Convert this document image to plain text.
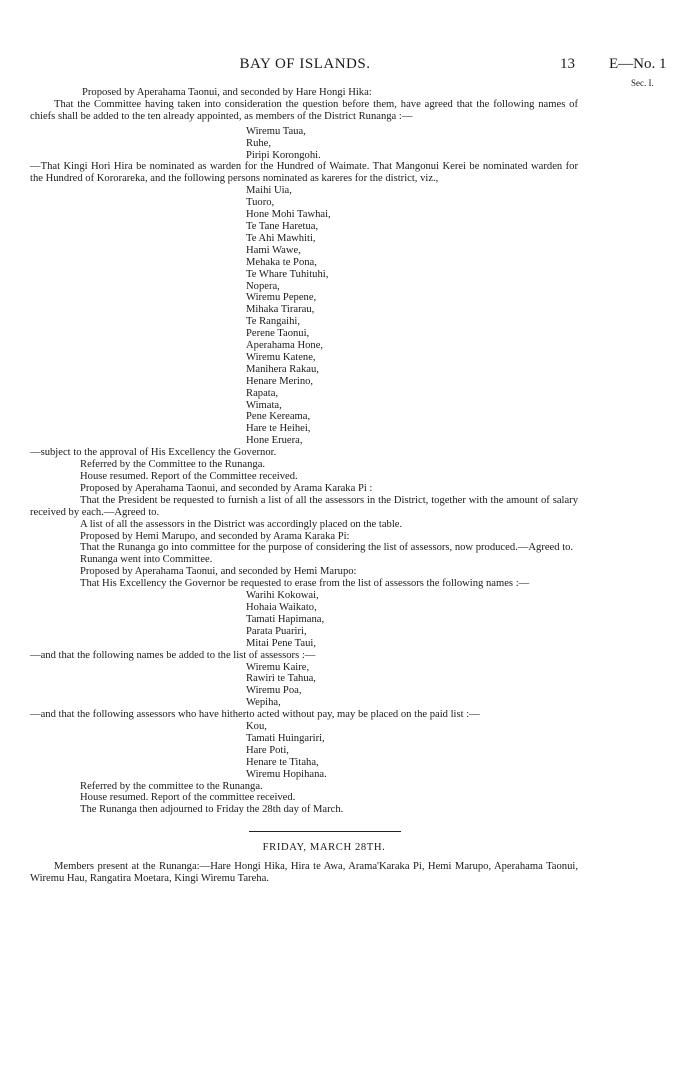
BAY OF ISLANDS.	13 E—No. 1
Sec. I.

Proposed by Aperahama Taonui, and seconded by Hare Hongi Hika:

That the Committee having taken into consideration the question before them, have agreed that the following names of chiefs shall be added to the ten already appointed, as members of the District Runanga :—

Wiremu Taua,
Ruhe,
Piripi Korongohi.

—That Kingi Hori Hira be nominated as warden for the Hundred of Waimate. That Mangonui Kerei be nominated warden for the Hundred of Kororareka, and the following persons nominated as kareres for the district, viz.,

Maihi Uia,
Tuoro,
Hone Mohi Tawhai,
Te Tane Haretua,
Te Ahi Mawhiti,
Hami Wawe,
Mehaka te Pona,
Te Whare Tuhituhi,
Nopera,
Wiremu Pepene,
Mihaka Tirarau,
Te Rangaihi,
Perene Taonui,
Aperahama Hone,
Wiremu Katene,
Manihera Rakau,
Henare Merino,
Rapata,
Wimata,
Pene Kereama,
Hare te Heihei,
Hone Eruera,

—subject to the approval of His Excellency the Governor.

Referred by the Committee to the Runanga.

House resumed. Report of the Committee received.

Proposed by Aperahama Taonui, and seconded by Arama Karaka Pi :

That the President be requested to furnish a list of all the assessors in the District, together with the amount of salary received by each.—Agreed to.

A list of all the assessors in the District was accordingly placed on the table.

Proposed by Hemi Marupo, and seconded by Arama Karaka Pi:

That the Runanga go into committee for the purpose of considering the list of assessors, now produced.—Agreed to.

Runanga went into Committee.

Proposed by Aperahama Taonui, and seconded by Hemi Marupo:

That His Excellency the Governor be requested to erase from the list of assessors the following names :—

Warihi Kokowai,
Hohaia Waikato,
Tamati Hapimana,
Parata Puariri,
Mitai Pene Taui,

—and that the following names be added to the list of assessors :—

Wiremu Kaire,
Rawiri te Tahua,
Wiremu Poa,
Wepiha,

—and that the following assessors who have hitherto acted without pay, may be placed on the paid list :—

Kou,
Tamati Huingariri,
Hare Poti,
Henare te Titaha,
Wiremu Hopihana.

Referred by the committee to the Runanga.

House resumed. Report of the committee received.

The Runanga then adjourned to Friday the 28th day of March.

FRIDAY, MARCH 28TH.

Members present at the Runanga:—Hare Hongi Hika, Hira te Awa, Arama'Karaka Pi, Hemi Marupo, Aperahama Taonui, Wiremu Hau, Rangatira Moetara, Kingi Wiremu Tareha.
